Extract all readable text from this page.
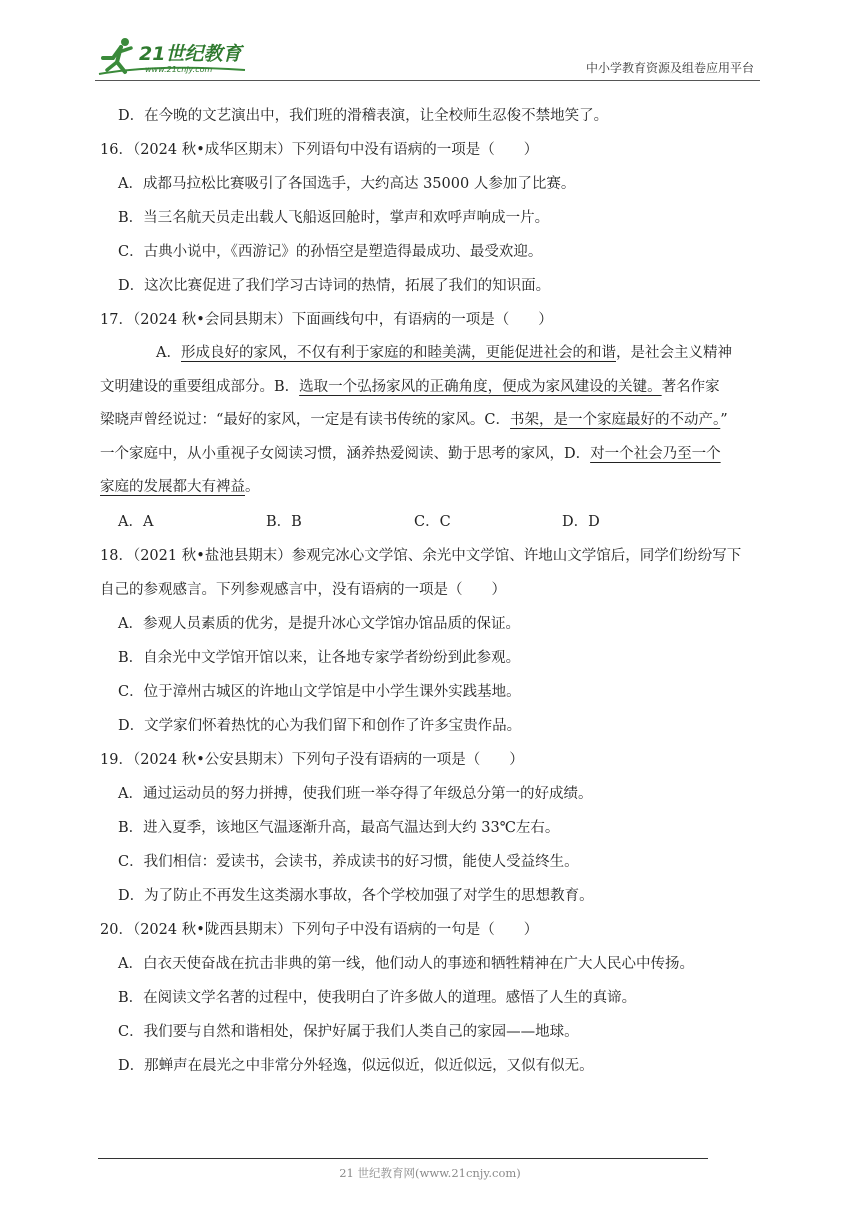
21世纪教育
www.21cnjy.com	中小学教育资源及组卷应用平台
D．在今晚的文艺演出中，我们班的滑稽表演，让全校师生忍俊不禁地笑了。
16．（2024 秋•成华区期末）下列语句中没有语病的一项是（　　）
A．成都马拉松比赛吸引了各国选手，大约高达 35000 人参加了比赛。
B．当三名航天员走出载人飞船返回舱时，掌声和欢呼声响成一片。
C．古典小说中，《西游记》的孙悟空是塑造得最成功、最受欢迎。
D．这次比赛促进了我们学习古诗词的热情，拓展了我们的知识面。
17．（2024 秋•会同县期末）下面画线句中，有语病的一项是（　　）
A．形成良好的家风，不仅有利于家庭的和睦美满，更能促进社会的和谐，是社会主义精神
文明建设的重要组成部分。B．选取一个弘扬家风的正确角度，便成为家风建设的关键。著名作家
梁晓声曾经说过：“最好的家风，一定是有读书传统的家风。C．书架，是一个家庭最好的不动产。”
一个家庭中，从小重视子女阅读习惯，涵养热爱阅读、勤于思考的家风，D．对一个社会乃至一个
家庭的发展都大有裨益。
A．A	B．B	C．C	D．D
18．（2021 秋•盐池县期末）参观完冰心文学馆、余光中文学馆、许地山文学馆后，同学们纷纷写下
自己的参观感言。下列参观感言中，没有语病的一项是（　　）
A．参观人员素质的优劣，是提升冰心文学馆办馆品质的保证。
B．自余光中文学馆开馆以来，让各地专家学者纷纷到此参观。
C．位于漳州古城区的许地山文学馆是中小学生课外实践基地。
D．文学家们怀着热忱的心为我们留下和创作了许多宝贵作品。
19．（2024 秋•公安县期末）下列句子没有语病的一项是（　　）
A．通过运动员的努力拼搏，使我们班一举夺得了年级总分第一的好成绩。
B．进入夏季，该地区气温逐渐升高，最高气温达到大约 33℃左右。
C．我们相信：爱读书，会读书，养成读书的好习惯，能使人受益终生。
D．为了防止不再发生这类溺水事故，各个学校加强了对学生的思想教育。
20．（2024 秋•陇西县期末）下列句子中没有语病的一句是（　　）
A．白衣天使奋战在抗击非典的第一线，他们动人的事迹和牺牲精神在广大人民心中传扬。
B．在阅读文学名著的过程中，使我明白了许多做人的道理。感悟了人生的真谛。
C．我们要与自然和谐相处，保护好属于我们人类自己的家园——地球。
D．那蝉声在晨光之中非常分外轻逸，似远似近，似近似远，又似有似无。
21 世纪教育网(www.21cnjy.com)
